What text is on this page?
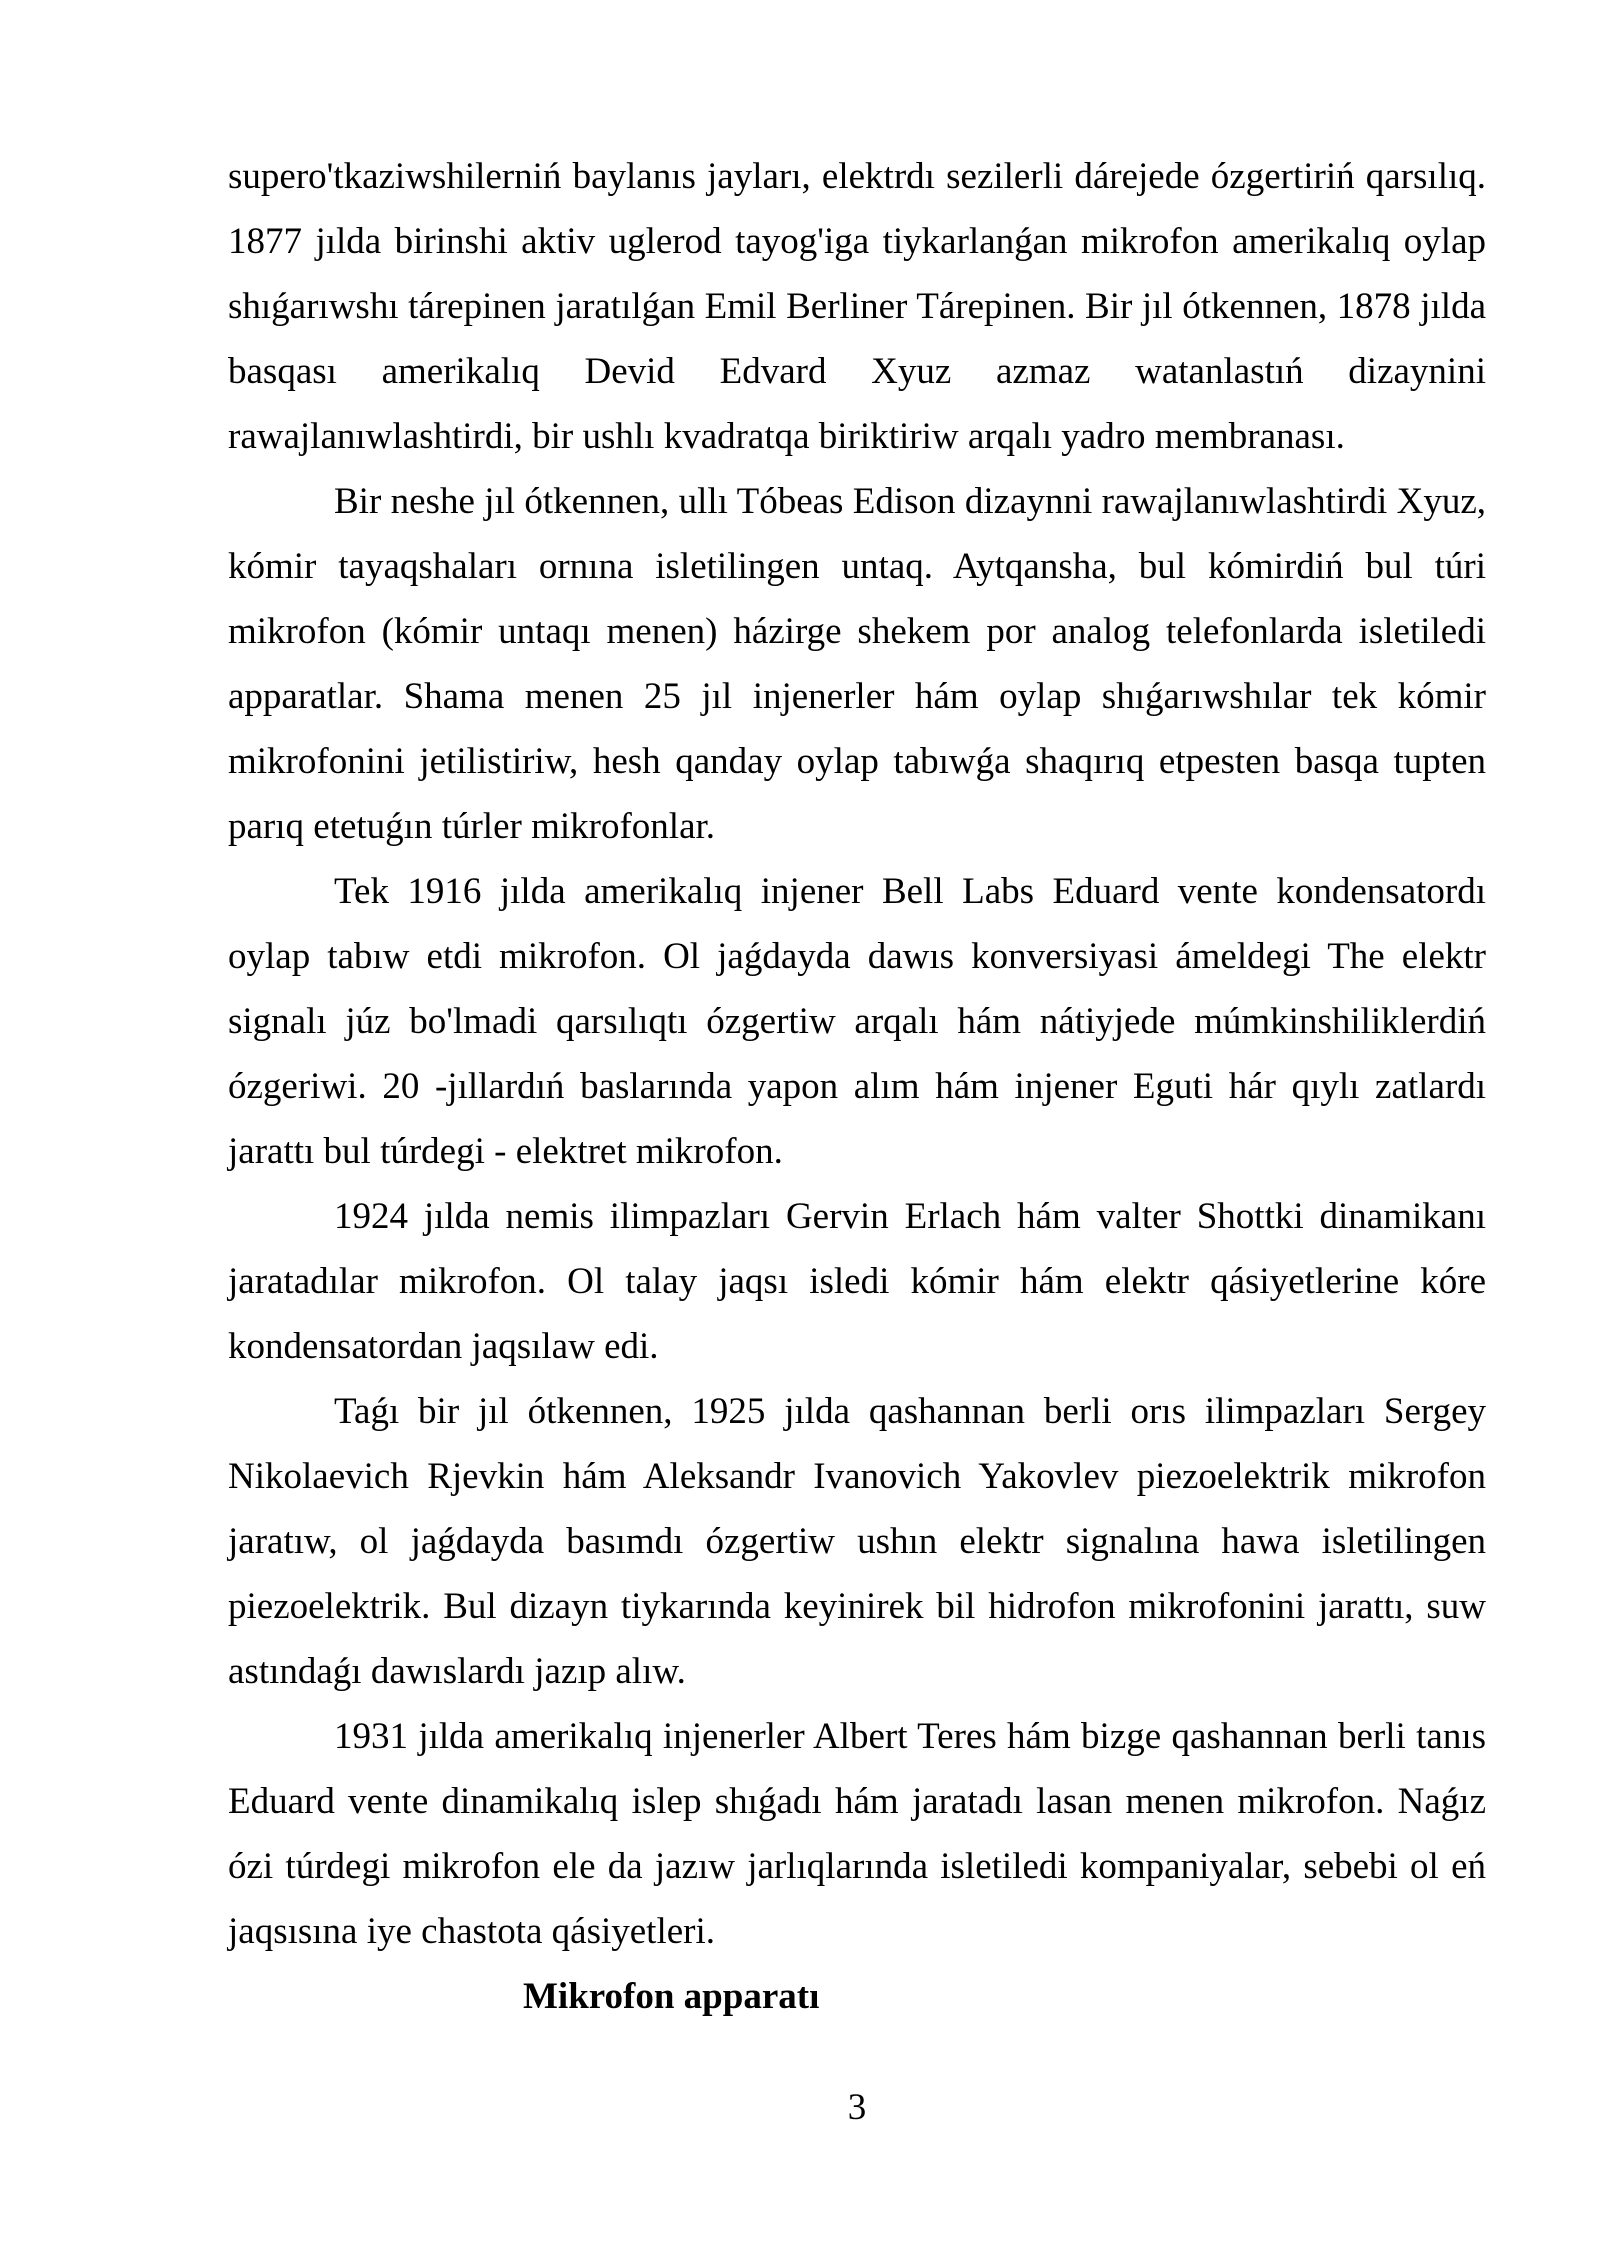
supero'tkaziwshilerniń baylanıs jayları, elektrdı sezilerli dárejede ózgertiriń qarsılıq.
1877 jılda birinshi aktiv uglerod tayog'iga tiykarlanǵan mikrofon amerikalıq oylap
shıǵarıwshı tárepinen jaratılǵan Emil Berliner Tárepinen. Bir jıl ótkennen, 1878 jılda
basqası amerikalıq Devid Edvard Xyuz azmaz watanlastıń dizaynini
rawajlanıwlashtirdi, bir ushlı kvadratqa biriktiriw arqalı yadro membranası.
Bir neshe jıl ótkennen, ullı Tóbeas Edison dizaynni rawajlanıwlashtirdi Xyuz,
kómir tayaqshaları ornına isletilingen untaq. Aytqansha, bul kómirdiń bul túri
mikrofon (kómir untaqı menen) házirge shekem por analog telefonlarda isletiledi
apparatlar. Shama menen 25 jıl injenerler hám oylap shıǵarıwshılar tek kómir
mikrofonini jetilistiriw, hesh qanday oylap tabıwǵa shaqırıq etpesten basqa tupten
parıq etetuǵın túrler mikrofonlar.
Tek 1916 jılda amerikalıq injener Bell Labs Eduard vente kondensatordı
oylap tabıw etdi mikrofon. Ol jaǵdayda dawıs konversiyasi ámeldegi The elektr
signalı júz bo'lmadi qarsılıqtı ózgertiw arqalı hám nátiyjede múmkinshiliklerdiń
ózgeriwi. 20 -jıllardıń baslarında yapon alım hám injener Eguti hár qıylı zatlardı
jarattı bul túrdegi - elektret mikrofon.
1924 jılda nemis ilimpazları Gervin Erlach hám valter Shottki dinamikanı
jaratadılar mikrofon. Ol talay jaqsı isledi kómir hám elektr qásiyetlerine kóre
kondensatordan jaqsılaw edi.
Taǵı bir jıl ótkennen, 1925 jılda qashannan berli orıs ilimpazları Sergey
Nikolaevich Rjevkin hám Aleksandr Ivanovich Yakovlev piezoelektrik mikrofon
jaratıw, ol jaǵdayda basımdı ózgertiw ushın elektr signalına hawa isletilingen
piezoelektrik. Bul dizayn tiykarında keyinirek bil hidrofon mikrofonini jarattı, suw
astındaǵı dawıslardı jazıp alıw.
1931 jılda amerikalıq injenerler Albert Teres hám bizge qashannan berli tanıs
Eduard vente dinamikalıq islep shıǵadı hám jaratadı lasan menen mikrofon. Naǵız
ózi túrdegi mikrofon ele da jazıw jarlıqlarında isletiledi kompaniyalar, sebebi ol eń
jaqsısına iye chastota qásiyetleri.
Mikrofon apparatı
3
